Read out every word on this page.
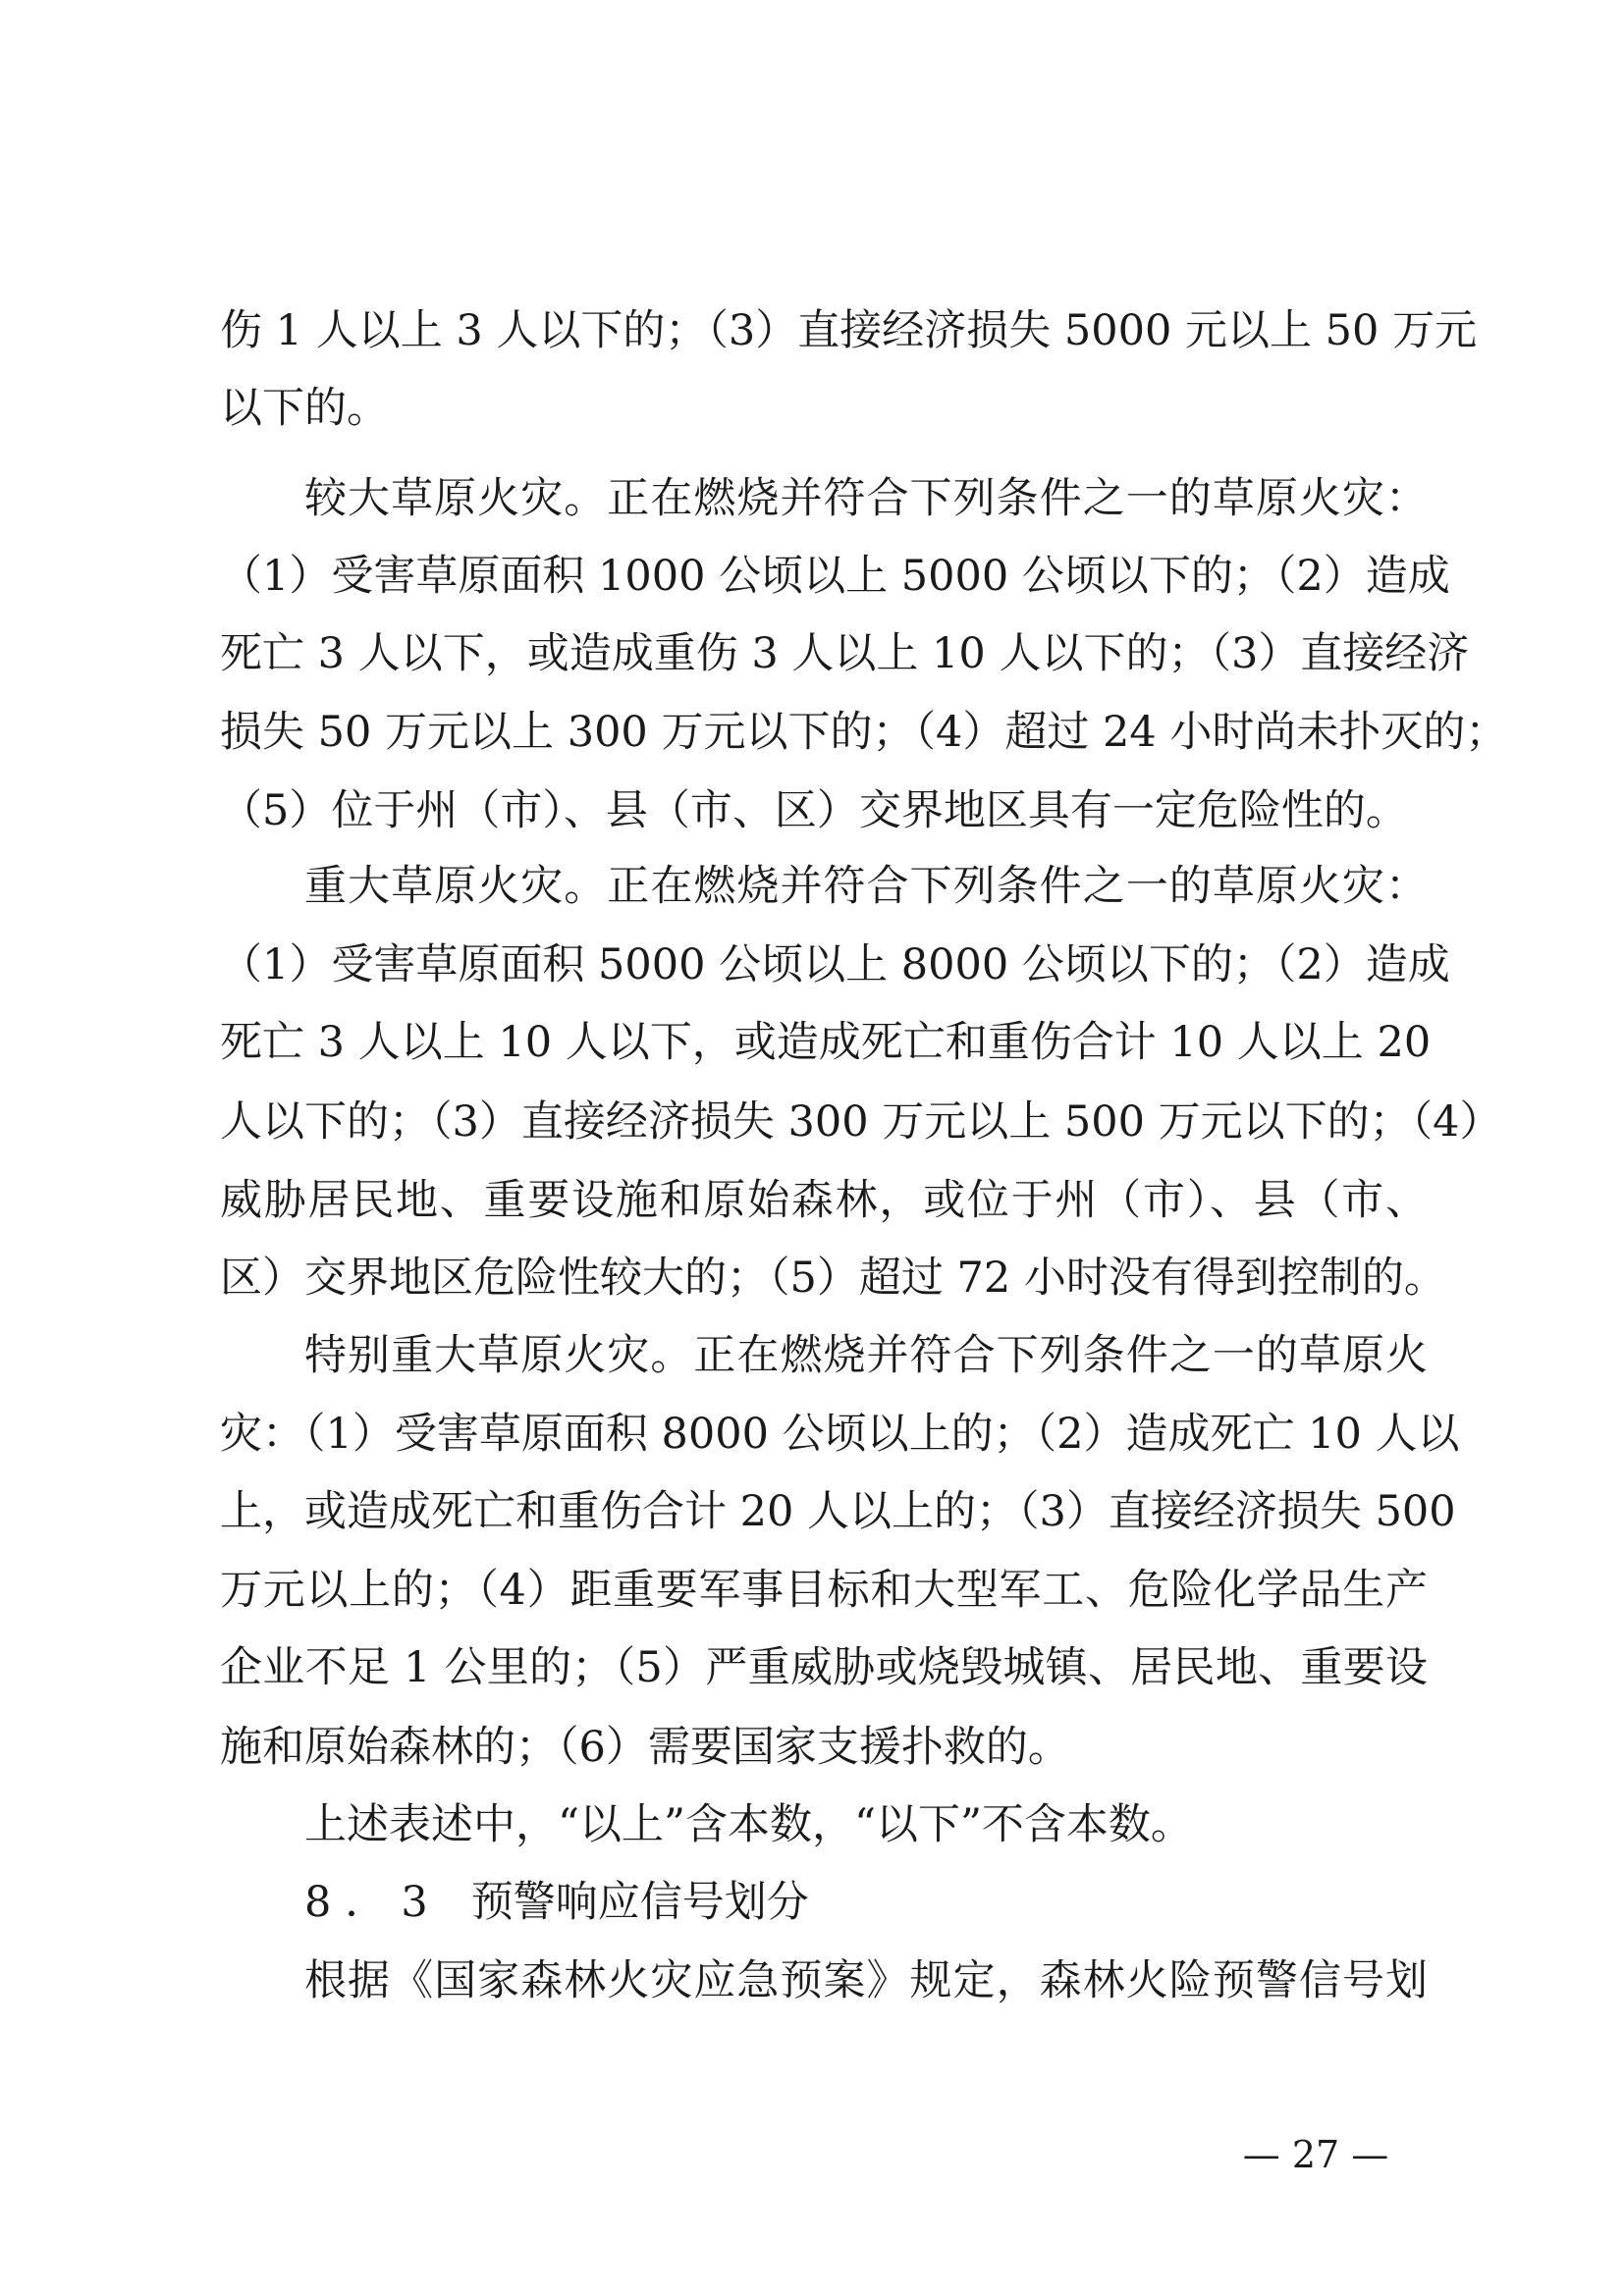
伤 1 人以上 3 人以下的；（3）直接经济损失 5000 元以上 50 万元
以下的。
较大草原火灾。正在燃烧并符合下列条件之一的草原火灾：
（1）受害草原面积 1000 公顷以上 5000 公顷以下的；（2）造成
死亡 3 人以下，或造成重伤 3 人以上 10 人以下的；（3）直接经济
损失 50 万元以上 300 万元以下的；（4）超过 24 小时尚未扑灭的；
（5）位于州（市）、县（市、区）交界地区具有一定危险性的。
重大草原火灾。正在燃烧并符合下列条件之一的草原火灾：
（1）受害草原面积 5000 公顷以上 8000 公顷以下的；（2）造成
死亡 3 人以上 10 人以下，或造成死亡和重伤合计 10 人以上 20
人以下的；（3）直接经济损失 300 万元以上 500 万元以下的；（4）
威胁居民地、重要设施和原始森林，或位于州（市）、县（市、
区）交界地区危险性较大的；（5）超过 72 小时没有得到控制的。
特别重大草原火灾。正在燃烧并符合下列条件之一的草原火
灾：（1）受害草原面积 8000 公顷以上的；（2）造成死亡 10 人以
上，或造成死亡和重伤合计 20 人以上的；（3）直接经济损失 500
万元以上的；（4）距重要军事目标和大型军工、危险化学品生产
企业不足 1 公里的；（5）严重威胁或烧毁城镇、居民地、重要设
施和原始森林的；（6）需要国家支援扑救的。
上述表述中，“以上”含本数，“以下”不含本数。
8．3 预警响应信号划分
根据《国家森林火灾应急预案》规定，森林火险预警信号划
— 27 —
